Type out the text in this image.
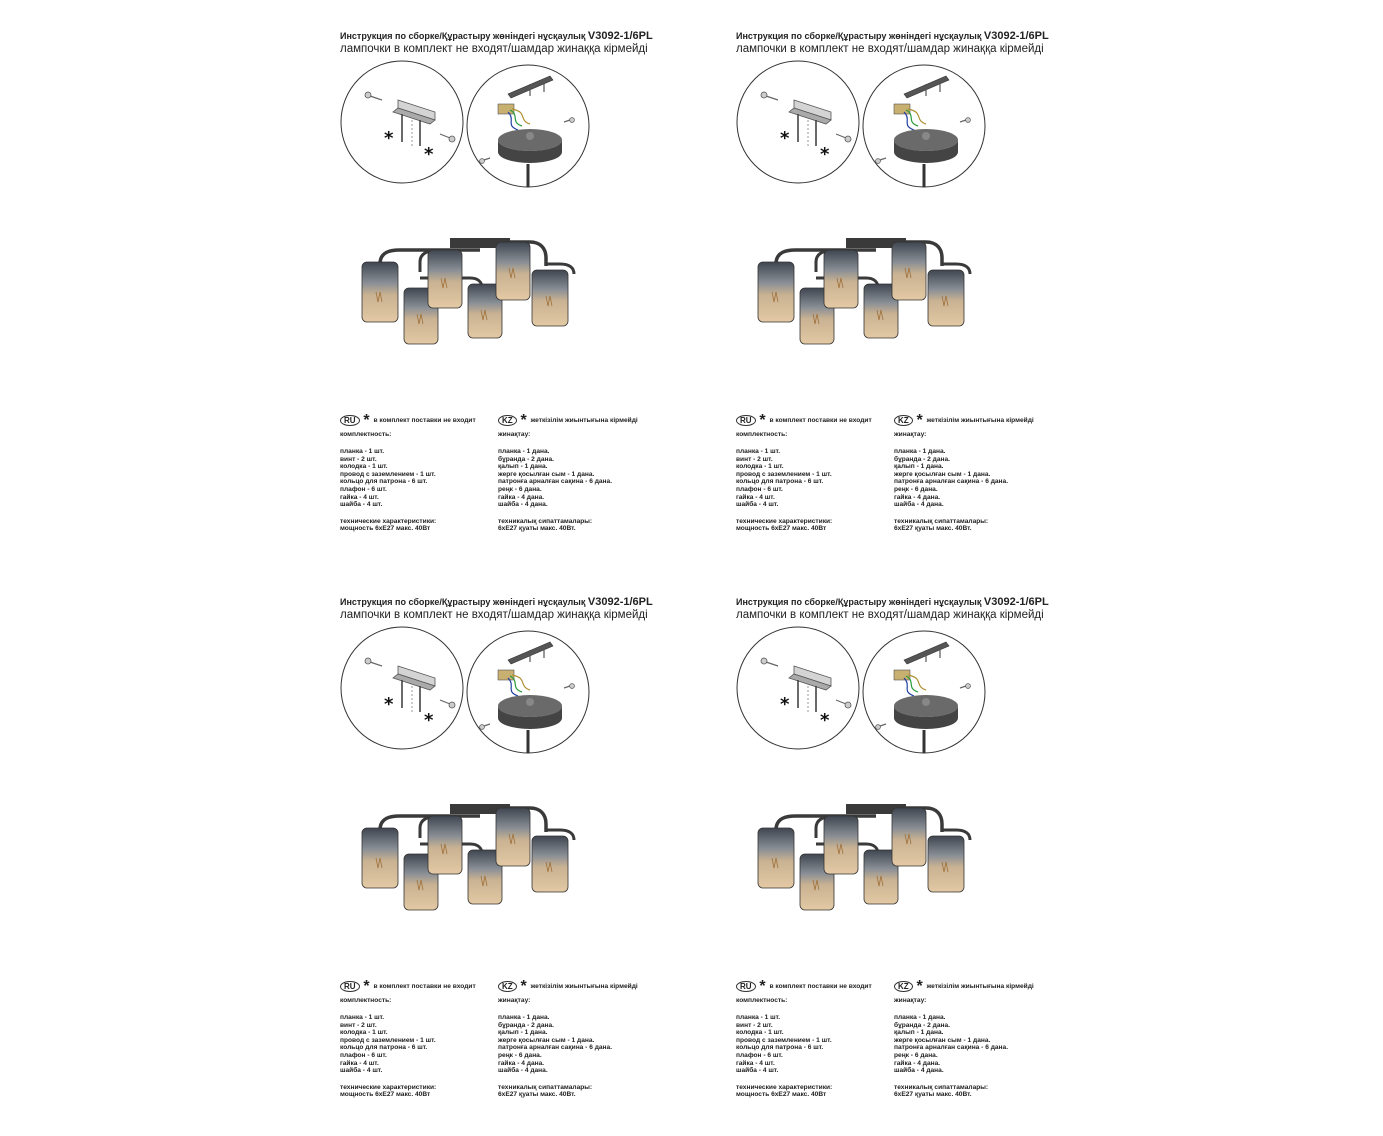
Инструкция по сборке/Құрастыру жөніндегі нұсқаулық V3092-1/6PL
лампочки в комплект не входят/шамдар жинаққа кірмейді
*
*
RU * в комплект поставки не входит
комплектность:
планка - 1 шт.
винт - 2 шт.
колодка - 1 шт.
провод с заземлением - 1 шт.
кольцо для патрона - 6 шт.
плафон - 6 шт.
гайка - 4 шт.
шайба - 4 шт.
технические характеристики:
мощность 6хЕ27 макс. 40Вт
KZ * жеткізілім жиынтығына кірмейді
жинақтау:
планка - 1 дана.
бұранда - 2 дана.
қалып - 1 дана.
жерге қосылған сым - 1 дана.
патронға арналған сақина - 6 дана.
реңк - 6 дана.
гайка - 4 дана.
шайба - 4 дана.
техникалық сипаттамалары:
6хЕ27 қуаты макс. 40Вт.
Инструкция по сборке/Құрастыру жөніндегі нұсқаулық V3092-1/6PL
лампочки в комплект не входят/шамдар жинаққа кірмейді
*
*
RU * в комплект поставки не входит
комплектность:
планка - 1 шт.
винт - 2 шт.
колодка - 1 шт.
провод с заземлением - 1 шт.
кольцо для патрона - 6 шт.
плафон - 6 шт.
гайка - 4 шт.
шайба - 4 шт.
технические характеристики:
мощность 6хЕ27 макс. 40Вт
KZ * жеткізілім жиынтығына кірмейді
жинақтау:
планка - 1 дана.
бұранда - 2 дана.
қалып - 1 дана.
жерге қосылған сым - 1 дана.
патронға арналған сақина - 6 дана.
реңк - 6 дана.
гайка - 4 дана.
шайба - 4 дана.
техникалық сипаттамалары:
6хЕ27 қуаты макс. 40Вт.
Инструкция по сборке/Құрастыру жөніндегі нұсқаулық V3092-1/6PL
лампочки в комплект не входят/шамдар жинаққа кірмейді
*
*
RU * в комплект поставки не входит
комплектность:
планка - 1 шт.
винт - 2 шт.
колодка - 1 шт.
провод с заземлением - 1 шт.
кольцо для патрона - 6 шт.
плафон - 6 шт.
гайка - 4 шт.
шайба - 4 шт.
технические характеристики:
мощность 6хЕ27 макс. 40Вт
KZ * жеткізілім жиынтығына кірмейді
жинақтау:
планка - 1 дана.
бұранда - 2 дана.
қалып - 1 дана.
жерге қосылған сым - 1 дана.
патронға арналған сақина - 6 дана.
реңк - 6 дана.
гайка - 4 дана.
шайба - 4 дана.
техникалық сипаттамалары:
6хЕ27 қуаты макс. 40Вт.
Инструкция по сборке/Құрастыру жөніндегі нұсқаулық V3092-1/6PL
лампочки в комплект не входят/шамдар жинаққа кірмейді
*
*
RU * в комплект поставки не входит
комплектность:
планка - 1 шт.
винт - 2 шт.
колодка - 1 шт.
провод с заземлением - 1 шт.
кольцо для патрона - 6 шт.
плафон - 6 шт.
гайка - 4 шт.
шайба - 4 шт.
технические характеристики:
мощность 6хЕ27 макс. 40Вт
KZ * жеткізілім жиынтығына кірмейді
жинақтау:
планка - 1 дана.
бұранда - 2 дана.
қалып - 1 дана.
жерге қосылған сым - 1 дана.
патронға арналған сақина - 6 дана.
реңк - 6 дана.
гайка - 4 дана.
шайба - 4 дана.
техникалық сипаттамалары:
6хЕ27 қуаты макс. 40Вт.
